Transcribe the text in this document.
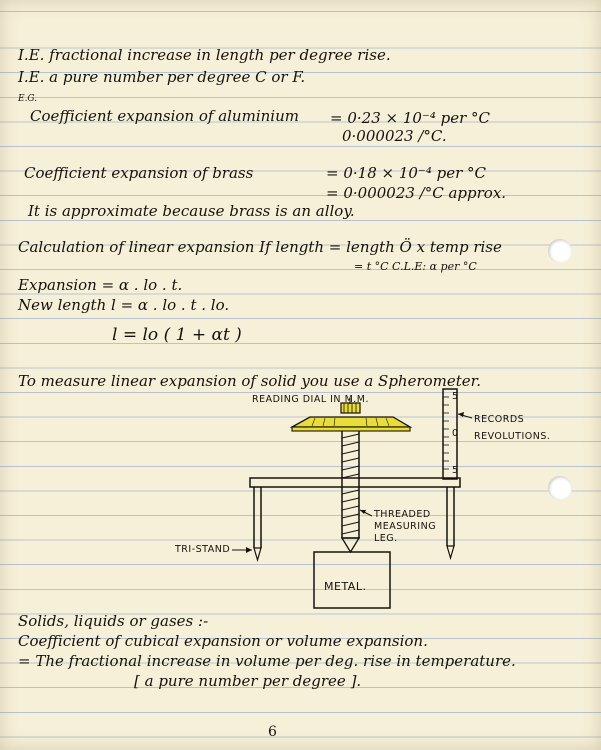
I.E. fractional increase in length per degree rise.
I.E. a pure number per degree C or F.
E.G.
Coefficient expansion of aluminium = 0·23 × 10⁻⁴ per °C
0·000023 /°C.
Coefficient expansion of brass	= 0·18 × 10⁻⁴ per °C
= 0·000023 /°C approx.
It is approximate because brass is an alloy.
Calculation of linear expansion If length = length Ö x temp rise
= t °C C.L.E: α per °C
Expansion = α . lo . t.
New length l = α . lo . t . lo.
l = lo ( 1 + αt )
To measure linear expansion of solid you use a Spherometer.
READING DIAL IN M.M.
RECORDS
REVOLUTIONS.
5
0
5
THREADED
MEASURING
LEG.
TRI-STAND
METAL.
Solids, liquids or gases :-
Coefficient of cubical expansion or volume expansion.
= The fractional increase in volume per deg. rise in temperature.
[ a pure number per degree ].
6
